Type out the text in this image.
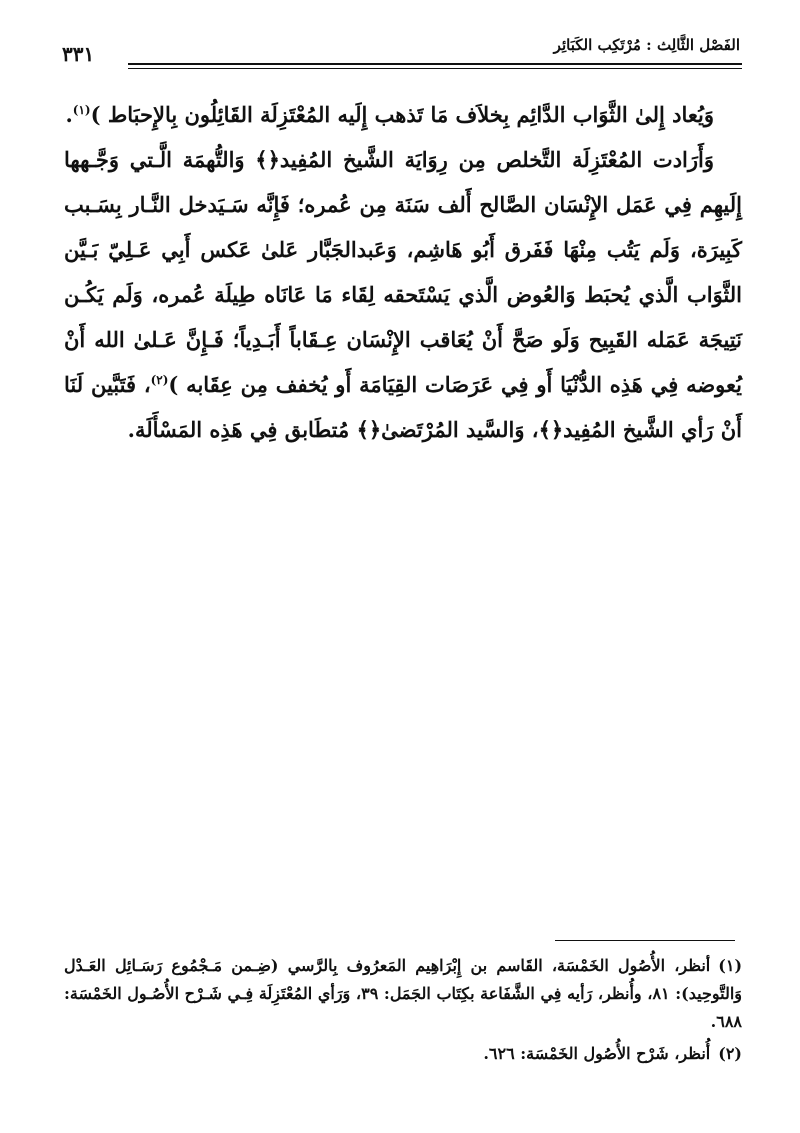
٣٣١	الفَصْل الثَّالِث : مُرْتَكِب الكَبَائِر

وَيُعاد إِلىٰ الثَّوَاب الدَّائِم بِخلاَف مَا تَذهب إِلَيه المُعْتَزِلَة القَائِلُون بِالإِحبَاط )$^{(١)}$.

وَأَرَادت المُعْتَزِلَة التَّخلص مِن رِوَايَة الشَّيخ المُفِيد﴿﴾ وَالتُّهمَة الَّـتي وَجَّـهها إِلَيهِم فِي عَمَل الإِنْسَان الصَّالح أَلف سَنَة مِن عُمره؛ فَإِنَّه سَـيَدخل النَّـار بِسَـبب كَبِيرَة، وَلَم يَتُب مِنْهَا فَفَرق أَبُو هَاشِم، وَعَبدالجَبَّار عَلىٰ عَكس أَبِي عَـلِيّ بَـيَّن الثَّوَاب الَّذي يُحبَط وَالعُوض الَّذي يَسْتَحقه لِقَاء مَا عَانَاه طِيلَة عُمره، وَلَم يَكُـن نَتِيجَة عَمَله القَبِيح وَلَو صَحَّ أَنْ يُعَاقب الإِنْسَان عِـقَاباً أَبَـدِياً؛ فَـإِنَّ عَـلىٰ الله أَنْ يُعوضه فِي هَذِه الدُّنْيَا أَو فِي عَرَصَات القِيَامَة أَو يُخفف مِن عِقَابه )$^{(٢)}$، فَتَبَّين لَنَا أَنْ رَأي الشَّيخ المُفِيد﴿﴾، وَالسَّيد المُرْتَضىٰ﴿﴾ مُتطَابق فِي هَذِه المَسْأَلَة.

(١)أنظر، الأُصُول الخَمْسَة، القَاسم بن إِبْرَاهِيم المَعرُوف بِالرَّسي (ضِـمن مَـجْمُوع رَسَـائِل العَـدْل وَالتَّوحِيد): ٨١، وأُنظر، رَأيه فِي الشَّفَاعة بكِتَاب الجَمَل: ٣٩، وَرَأي المُعْتَزِلَة فِـي شَـرْح الأُصُـول الخَمْسَة: ٦٨٨.

(٢)أُنظر، شَرْح الأُصُول الخَمْسَة: ٦٢٦.
